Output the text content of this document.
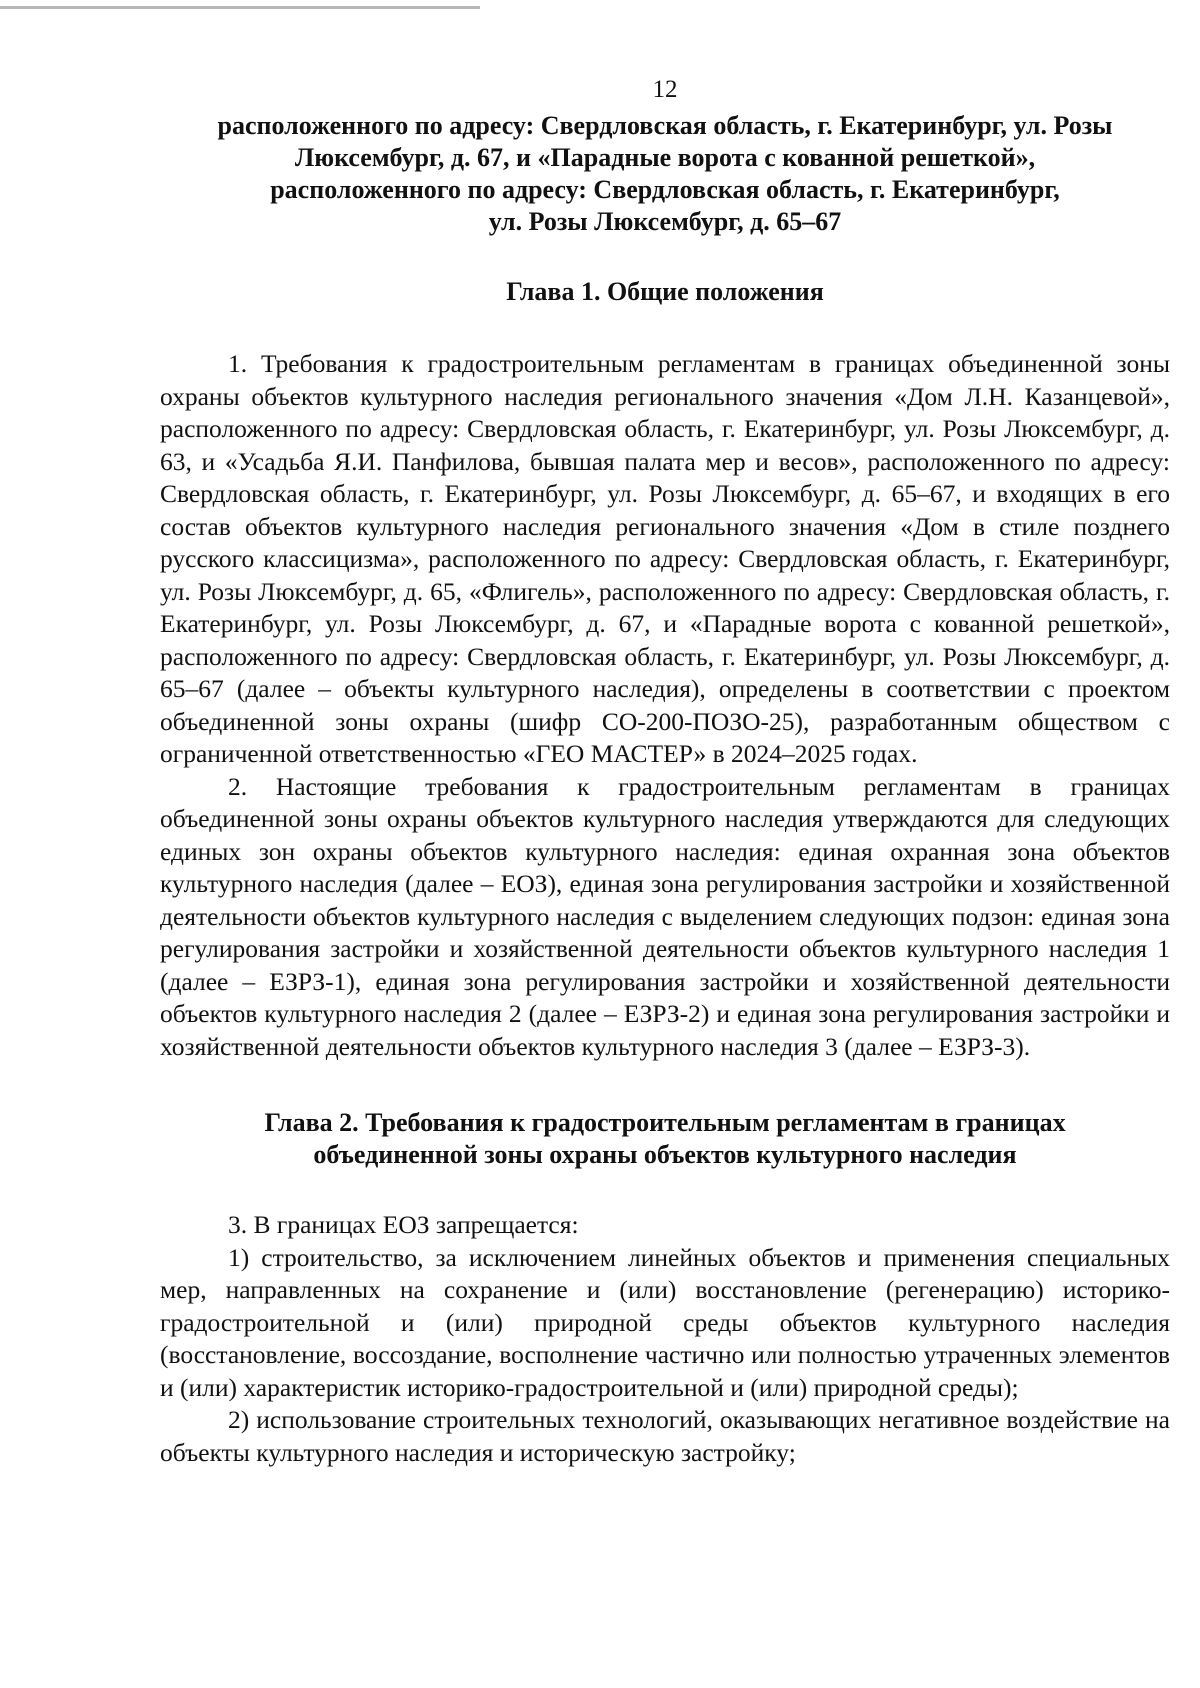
12
расположенного по адресу: Свердловская область, г. Екатеринбург, ул. Розы
Люксембург, д. 67, и «Парадные ворота с кованной решеткой»,
расположенного по адресу: Свердловская область, г. Екатеринбург,
ул. Розы Люксембург, д. 65–67
Глава 1. Общие положения

1. Требования к градостроительным регламентам в границах объединенной зоны охраны объектов культурного наследия регионального значения «Дом Л.Н. Казанцевой», расположенного по адресу: Свердловская область, г. Екатеринбург, ул. Розы Люксембург, д. 63, и «Усадьба Я.И. Панфилова, бывшая палата мер и весов», расположенного по адресу: Свердловская область, г. Екатеринбург, ул. Розы Люксембург, д. 65–67, и входящих в его состав объектов культурного наследия регионального значения «Дом в стиле позднего русского классицизма», расположенного по адресу: Свердловская область, г. Екатеринбург, ул. Розы Люксембург, д. 65, «Флигель», расположенного по адресу: Свердловская область, г. Екатеринбург, ул. Розы Люксембург, д. 67, и «Парадные ворота с кованной решеткой», расположенного по адресу: Свердловская область, г. Екатеринбург, ул. Розы Люксембург, д. 65–67 (далее – объекты культурного наследия), определены в соответствии с проектом объединенной зоны охраны (шифр СО-200-ПОЗО-25), разработанным обществом с ограниченной ответственностью «ГЕО МАСТЕР» в 2024–2025 годах.

2. Настоящие требования к градостроительным регламентам в границах объединенной зоны охраны объектов культурного наследия утверждаются для следующих единых зон охраны объектов культурного наследия: единая охранная зона объектов культурного наследия (далее – ЕОЗ), единая зона регулирования застройки и хозяйственной деятельности объектов культурного наследия с выделением следующих подзон: единая зона регулирования застройки и хозяйственной деятельности объектов культурного наследия 1 (далее – ЕЗРЗ-1), единая зона регулирования застройки и хозяйственной деятельности объектов культурного наследия 2 (далее – ЕЗРЗ-2) и единая зона регулирования застройки и хозяйственной деятельности объектов культурного наследия 3 (далее – ЕЗРЗ-3).

Глава 2. Требования к градостроительным регламентам в границах
объединенной зоны охраны объектов культурного наследия

3. В границах ЕОЗ запрещается:

1) строительство, за исключением линейных объектов и применения специальных мер, направленных на сохранение и (или) восстановление (регенерацию) историко-градостроительной и (или) природной среды объектов культурного наследия (восстановление, воссоздание, восполнение частично или полностью утраченных элементов и (или) характеристик историко-градостроительной и (или) природной среды);

2) использование строительных технологий, оказывающих негативное воздействие на объекты культурного наследия и историческую застройку;
